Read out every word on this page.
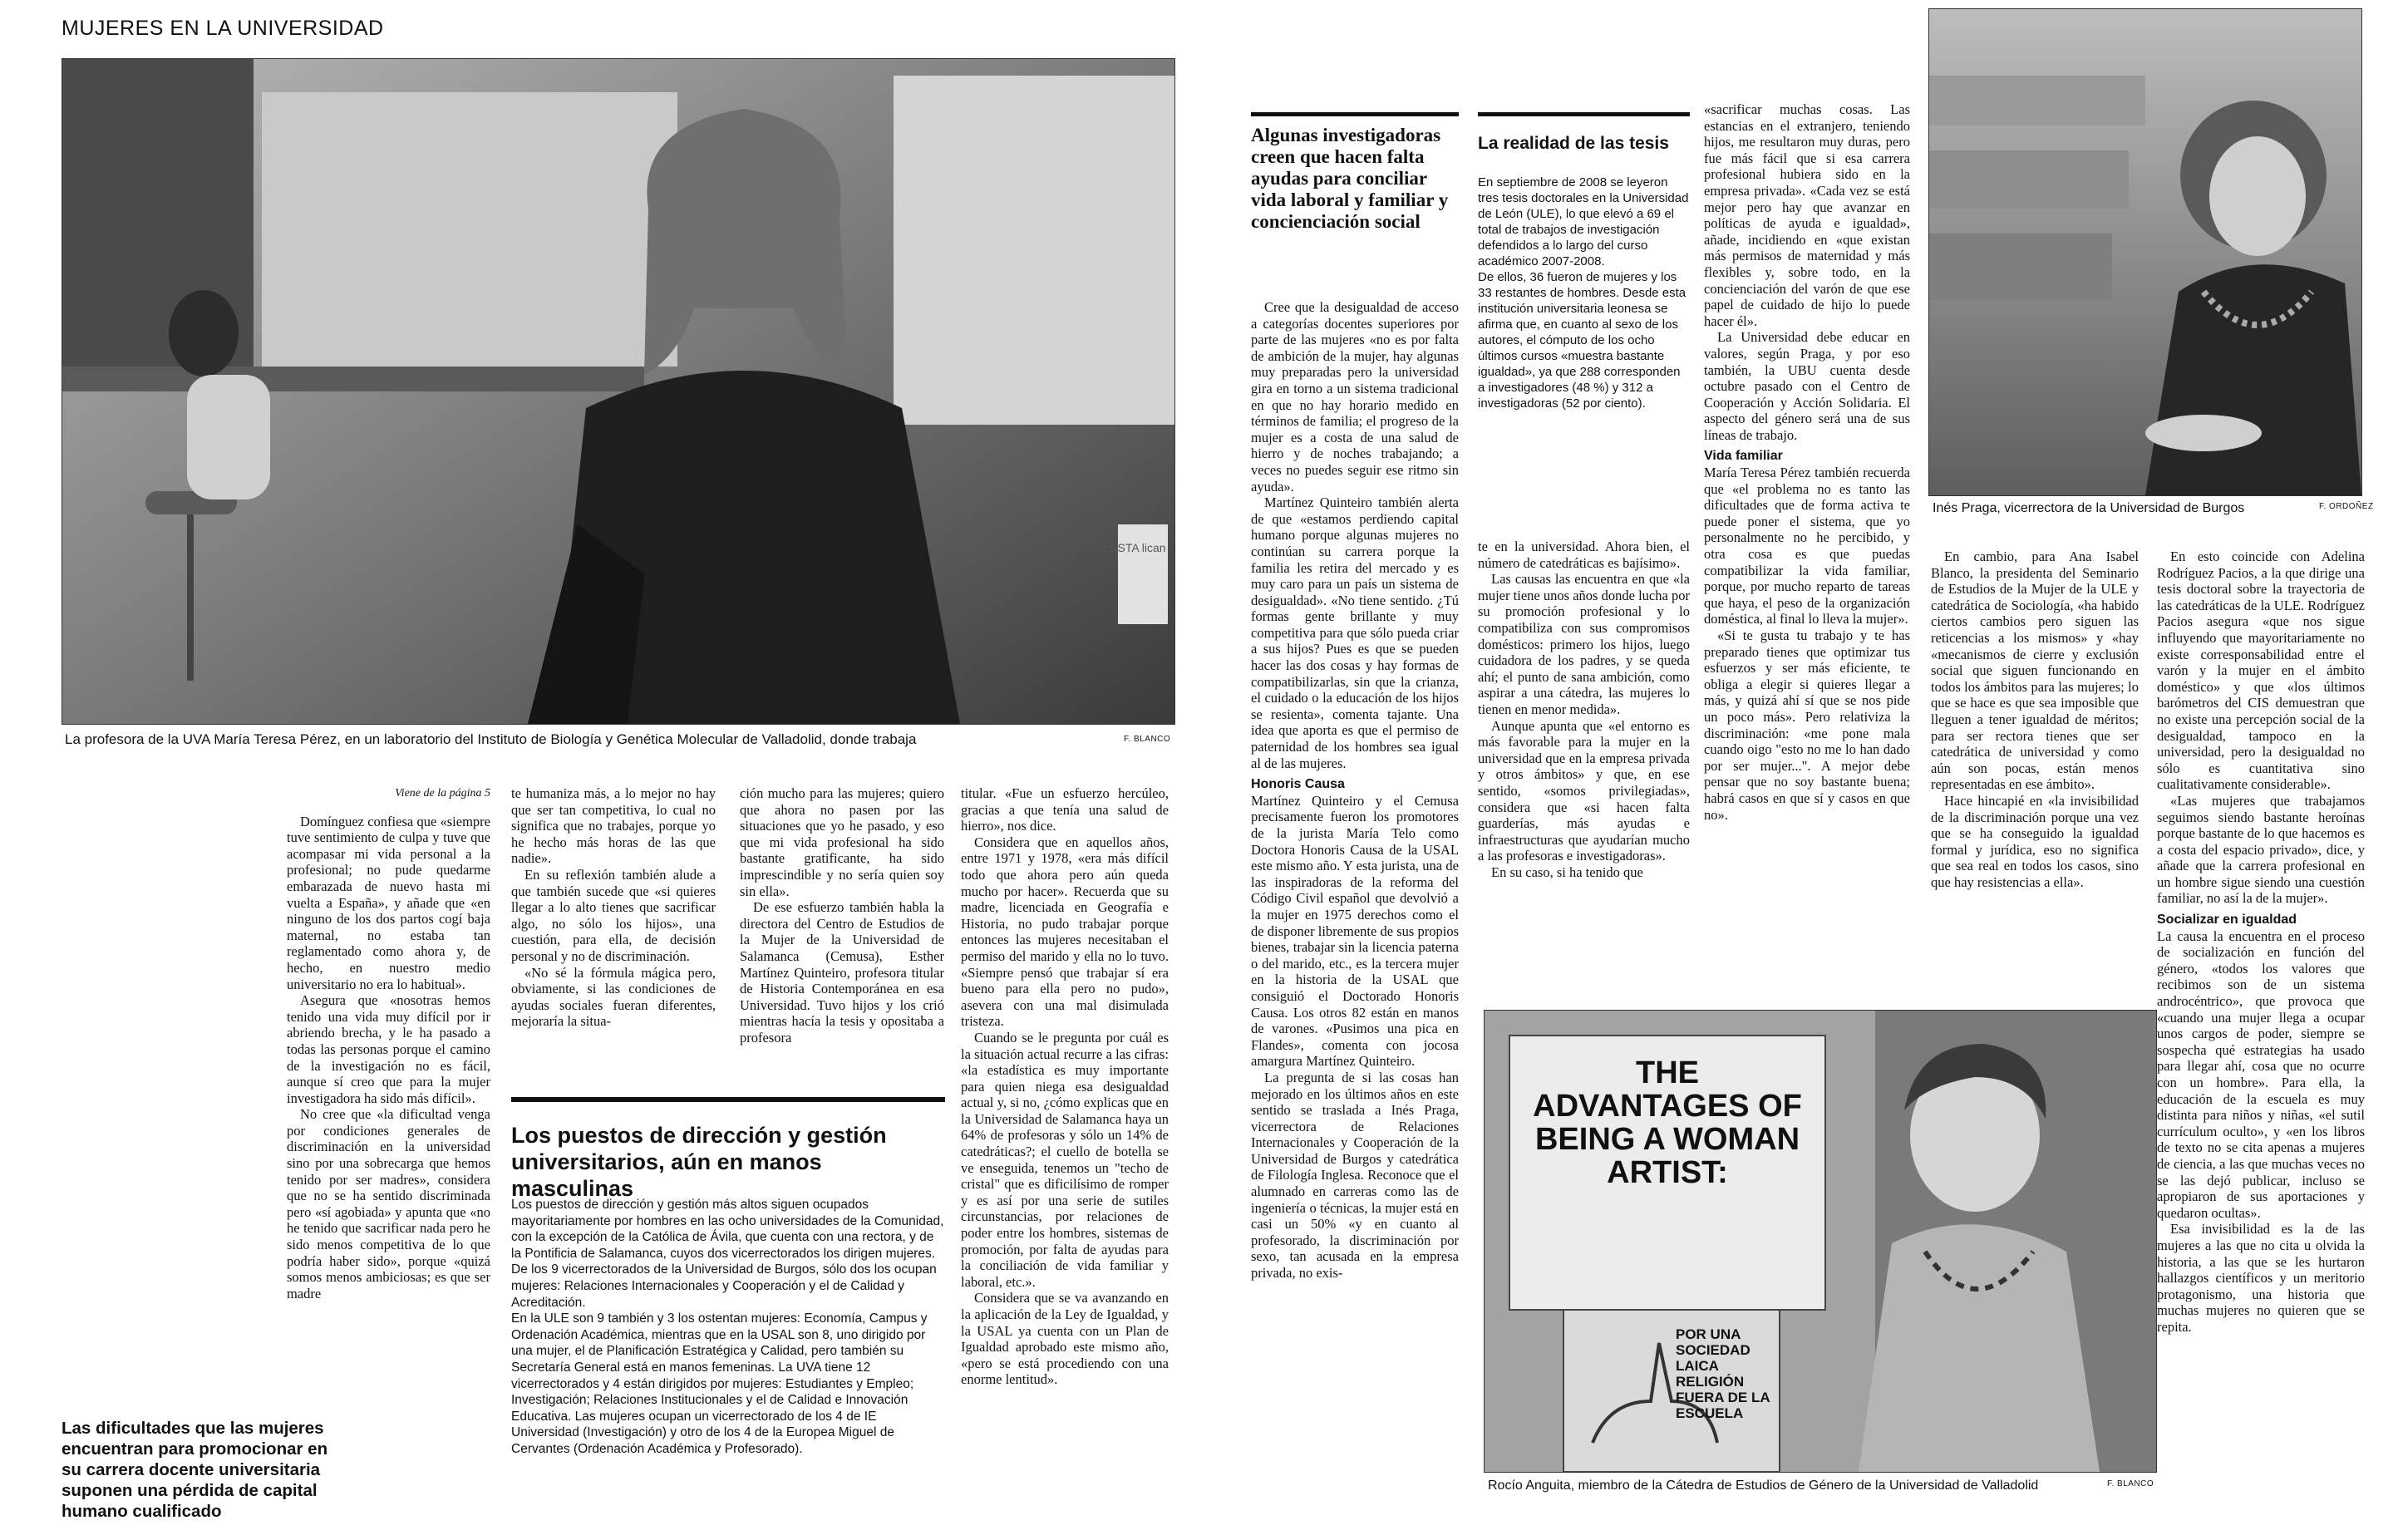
MUJERES EN LA UNIVERSIDAD
LESTA lican
La profesora de la UVA María Teresa Pérez, en un laboratorio del Instituto de Biología y Genética Molecular de Valladolid, donde trabaja	F. BLANCO
Viene de la página 5

Domínguez confiesa que «siempre tuve sentimiento de culpa y tuve que acompasar mi vida personal a la profesional; no pude quedarme embarazada de nuevo hasta mi vuelta a España», y añade que «en ninguno de los dos partos cogí baja maternal, no estaba tan reglamentado como ahora y, de hecho, en nuestro medio universitario no era lo habitual».

Asegura que «nosotras hemos tenido una vida muy difícil por ir abriendo brecha, y le ha pasado a todas las personas porque el camino de la investigación no es fácil, aunque sí creo que para la mujer investigadora ha sido más difícil».

No cree que «la dificultad venga por condiciones generales de discriminación en la universidad sino por una sobrecarga que hemos tenido por ser madres», considera que no se ha sentido discriminada pero «sí agobiada» y apunta que «no he tenido que sacrificar nada pero he sido menos competitiva de lo que podría haber sido», porque «quizá somos menos ambiciosas; es que ser madre

te humaniza más, a lo mejor no hay que ser tan competitiva, lo cual no significa que no trabajes, porque yo he hecho más horas de las que nadie».

En su reflexión también alude a que también sucede que «si quieres llegar a lo alto tienes que sacrificar algo, no sólo los hijos», una cuestión, para ella, de decisión personal y no de discriminación.

«No sé la fórmula mágica pero, obviamente, si las condiciones de ayudas sociales fueran diferentes, mejoraría la situa-

ción mucho para las mujeres; quiero que ahora no pasen por las situaciones que yo he pasado, y eso que mi vida profesional ha sido bastante gratificante, ha sido imprescindible y no sería quien soy sin ella».

De ese esfuerzo también habla la directora del Centro de Estudios de la Mujer de la Universidad de Salamanca (Cemusa), Esther Martínez Quinteiro, profesora titular de Historia Contemporánea en esa Universidad. Tuvo hijos y los crió mientras hacía la tesis y opositaba a profesora

titular. «Fue un esfuerzo hercúleo, gracias a que tenía una salud de hierro», nos dice.

Considera que en aquellos años, entre 1971 y 1978, «era más difícil todo que ahora pero aún queda mucho por hacer». Recuerda que su madre, licenciada en Geografía e Historia, no pudo trabajar porque entonces las mujeres necesitaban el permiso del marido y ella no lo tuvo. «Siempre pensó que trabajar sí era bueno para ella pero no pudo», asevera con una mal disimulada tristeza.

Cuando se le pregunta por cuál es la situación actual recurre a las cifras: «la estadística es muy importante para quien niega esa desigualdad actual y, si no, ¿cómo explicas que en la Universidad de Salamanca haya un 64% de profesoras y sólo un 14% de catedráticas?; el cuello de botella se ve enseguida, tenemos un "techo de cristal" que es dificilísimo de romper y es así por una serie de sutiles circunstancias, por relaciones de poder entre los hombres, sistemas de promoción, por falta de ayudas para la conciliación de vida familiar y laboral, etc.».

Considera que se va avanzando en la aplicación de la Ley de Igualdad, y la USAL ya cuenta con un Plan de Igualdad aprobado este mismo año, «pero se está procediendo con una enorme lentitud».

Los puestos de dirección y gestión universitarios, aún en manos masculinas

Los puestos de dirección y gestión más altos siguen ocupados mayoritariamente por hombres en las ocho universidades de la Comunidad, con la excepción de la Católica de Ávila, que cuenta con una rectora, y de la Pontificia de Salamanca, cuyos dos vicerrectorados los dirigen mujeres.

De los 9 vicerrectorados de la Universidad de Burgos, sólo dos los ocupan mujeres: Relaciones Internacionales y Cooperación y el de Calidad y Acreditación.

En la ULE son 9 también y 3 los ostentan mujeres: Economía, Campus y Ordenación Académica, mientras que en la USAL son 8, uno dirigido por una mujer, el de Planificación Estratégica y Calidad, pero también su Secretaría General está en manos femeninas. La UVA tiene 12 vicerrectorados y 4 están dirigidos por mujeres: Estudiantes y Empleo; Investigación; Relaciones Institucionales y el de Calidad e Innovación Educativa. Las mujeres ocupan un vicerrectorado de los 4 de IE Universidad (Investigación) y otro de los 4 de la Europea Miguel de Cervantes (Ordenación Académica y Profesorado).

Las dificultades que las mujeres encuentran para promocionar en su carrera docente universitaria suponen una pérdida de capital humano cualificado
Algunas investigadoras creen que hacen falta ayudas para conciliar vida laboral y familiar y concienciación social
La realidad de las tesis

En septiembre de 2008 se leyeron tres tesis doctorales en la Universidad de León (ULE), lo que elevó a 69 el total de trabajos de investigación defendidos a lo largo del curso académico 2007-2008.

De ellos, 36 fueron de mujeres y los 33 restantes de hombres. Desde esta institución universitaria leonesa se afirma que, en cuanto al sexo de los autores, el cómputo de los ocho últimos cursos «muestra bastante igualdad», ya que 288 corresponden a investigadores (48 %) y 312 a investigadoras (52 por ciento).

Cree que la desigualdad de acceso a categorías docentes superiores por parte de las mujeres «no es por falta de ambición de la mujer, hay algunas muy preparadas pero la universidad gira en torno a un sistema tradicional en que no hay horario medido en términos de familia; el progreso de la mujer es a costa de una salud de hierro y de noches trabajando; a veces no puedes seguir ese ritmo sin ayuda».

Martínez Quinteiro también alerta de que «estamos perdiendo capital humano porque algunas mujeres no continúan su carrera porque la familia les retira del mercado y es muy caro para un país un sistema de desigualdad». «No tiene sentido. ¿Tú formas gente brillante y muy competitiva para que sólo pueda criar a sus hijos? Pues es que se pueden hacer las dos cosas y hay formas de compatibilizarlas, sin que la crianza, el cuidado o la educación de los hijos se resienta», comenta tajante. Una idea que aporta es que el permiso de paternidad de los hombres sea igual al de las mujeres.

Honoris Causa

Martínez Quinteiro y el Cemusa precisamente fueron los promotores de la jurista María Telo como Doctora Honoris Causa de la USAL este mismo año. Y esta jurista, una de las inspiradoras de la reforma del Código Civil español que devolvió a la mujer en 1975 derechos como el de disponer libremente de sus propios bienes, trabajar sin la licencia paterna o del marido, etc., es la tercera mujer en la historia de la USAL que consiguió el Doctorado Honoris Causa. Los otros 82 están en manos de varones. «Pusimos una pica en Flandes», comenta con jocosa amargura Martínez Quinteiro.

La pregunta de si las cosas han mejorado en los últimos años en este sentido se traslada a Inés Praga, vicerrectora de Relaciones Internacionales y Cooperación de la Universidad de Burgos y catedrática de Filología Inglesa. Reconoce que el alumnado en carreras como las de ingeniería o técnicas, la mujer está en casi un 50% «y en cuanto al profesorado, la discriminación por sexo, tan acusada en la empresa privada, no exis-

te en la universidad. Ahora bien, el número de catedráticas es bajísimo».

Las causas las encuentra en que «la mujer tiene unos años donde lucha por su promoción profesional y lo compatibiliza con sus compromisos domésticos: primero los hijos, luego cuidadora de los padres, y se queda ahí; el punto de sana ambición, como aspirar a una cátedra, las mujeres lo tienen en menor medida».

Aunque apunta que «el entorno es más favorable para la mujer en la universidad que en la empresa privada y otros ámbitos» y que, en ese sentido, «somos privilegiadas», considera que «si hacen falta guarderías, más ayudas e infraestructuras que ayudarían mucho a las profesoras e investigadoras».

En su caso, si ha tenido que

«sacrificar muchas cosas. Las estancias en el extranjero, teniendo hijos, me resultaron muy duras, pero fue más fácil que si esa carrera profesional hubiera sido en la empresa privada». «Cada vez se está mejor pero hay que avanzar en políticas de ayuda e igualdad», añade, incidiendo en «que existan más permisos de maternidad y más flexibles y, sobre todo, en la concienciación del varón de que ese papel de cuidado de hijo lo puede hacer él».

La Universidad debe educar en valores, según Praga, y por eso también, la UBU cuenta desde octubre pasado con el Centro de Cooperación y Acción Solidaria. El aspecto del género será una de sus líneas de trabajo.

Vida familiar

María Teresa Pérez también recuerda que «el problema no es tanto las dificultades que de forma activa te puede poner el sistema, que yo personalmente no he percibido, y otra cosa es que puedas compatibilizar la vida familiar, porque, por mucho reparto de tareas que haya, el peso de la organización doméstica, al final lo lleva la mujer».

«Si te gusta tu trabajo y te has preparado tienes que optimizar tus esfuerzos y ser más eficiente, te obliga a elegir si quieres llegar a más, y quizá ahí sí que se nos pide un poco más». Pero relativiza la discriminación: «me pone mala cuando oigo "esto no me lo han dado por ser mujer...". A mejor debe pensar que no soy bastante buena; habrá casos en que sí y casos en que no».

Inés Praga, vicerrectora de la Universidad de Burgos	F. ORDOÑEZ

En cambio, para Ana Isabel Blanco, la presidenta del Seminario de Estudios de la Mujer de la ULE y catedrática de Sociología, «ha habido ciertos cambios pero siguen las reticencias a los mismos» y «hay «mecanismos de cierre y exclusión social que siguen funcionando en todos los ámbitos para las mujeres; lo que se hace es que sea imposible que lleguen a tener igualdad de méritos; para ser rectora tienes que ser catedrática de universidad y como aún son pocas, están menos representadas en ese ámbito».

Hace hincapié en «la invisibilidad de la discriminación porque una vez que se ha conseguido la igualdad formal y jurídica, eso no significa que sea real en todos los casos, sino que hay resistencias a ella».

En esto coincide con Adelina Rodríguez Pacios, a la que dirige una tesis doctoral sobre la trayectoria de las catedráticas de la ULE. Rodríguez Pacios asegura «que nos sigue influyendo que mayoritariamente no existe corresponsabilidad entre el varón y la mujer en el ámbito doméstico» y que «los últimos barómetros del CIS demuestran que no existe una percepción social de la desigualdad, tampoco en la universidad, pero la desigualdad no sólo es cuantitativa sino cualitativamente considerable».

«Las mujeres que trabajamos seguimos siendo bastante heroínas porque bastante de lo que hacemos es a costa del espacio privado», dice, y añade que la carrera profesional en un hombre sigue siendo una cuestión familiar, no así la de la mujer».

Socializar en igualdad

La causa la encuentra en el proceso de socialización en función del género, «todos los valores que recibimos son de un sistema androcéntrico», que provoca que «cuando una mujer llega a ocupar unos cargos de poder, siempre se sospecha qué estrategias ha usado para llegar ahí, cosa que no ocurre con un hombre». Para ella, la educación de la escuela es muy distinta para niños y niñas, «el sutil currículum oculto», y «en los libros de texto no se cita apenas a mujeres de ciencia, a las que muchas veces no se las dejó publicar, incluso se apropiaron de sus aportaciones y quedaron ocultas».

Esa invisibilidad es la de las mujeres a las que no cita u olvida la historia, a las que se les hurtaron hallazgos científicos y un meritorio protagonismo, una historia que muchas mujeres no quieren que se repita.

THE ADVANTAGES OF BEING A WOMAN ARTIST:
POR UNA SOCIEDAD LAICA RELIGIÓN FUERA DE LA ESCUELA
Rocío Anguita, miembro de la Cátedra de Estudios de Género de la Universidad de Valladolid	F. BLANCO
